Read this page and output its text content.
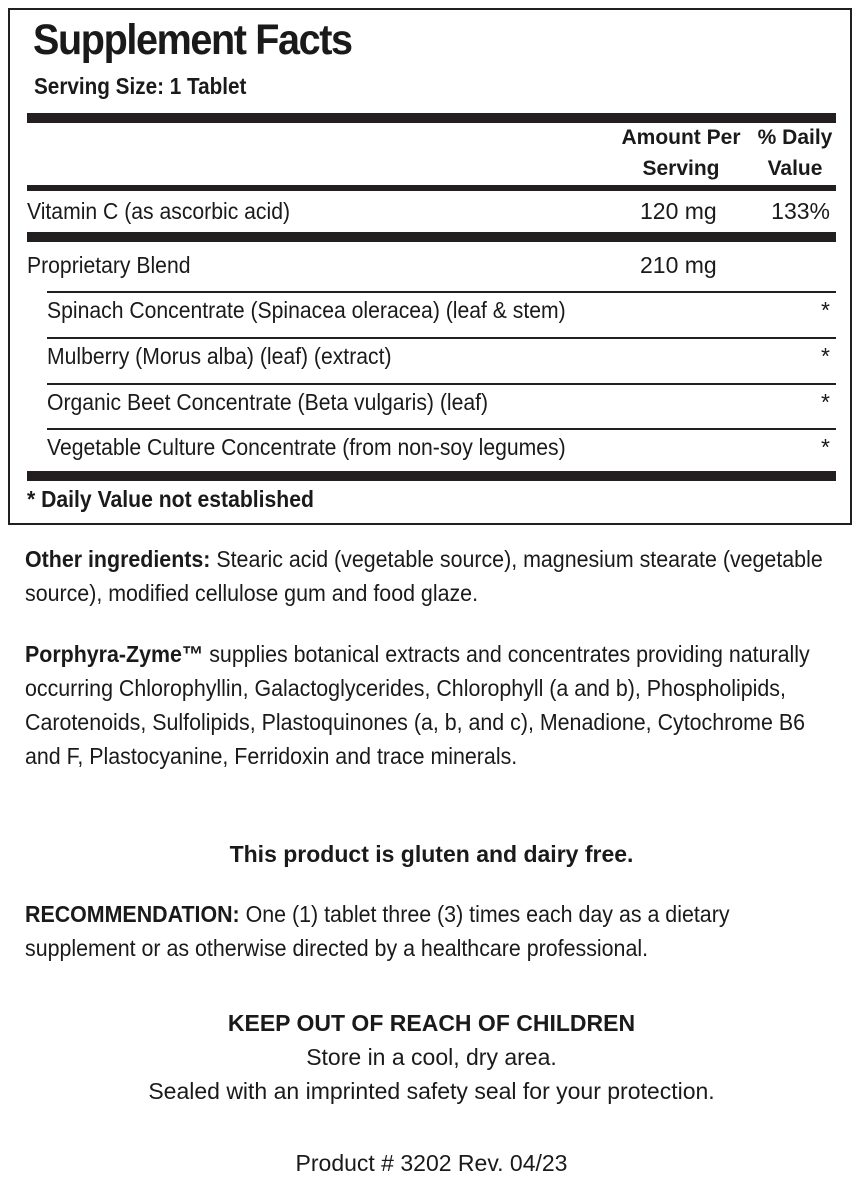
Supplement Facts
Serving Size: 1 Tablet
Amount Per
Serving
% Daily
Value
Vitamin C (as ascorbic acid)	120 mg 133%
Proprietary Blend	210 mg
Spinach Concentrate (Spinacea oleracea) (leaf & stem)	*
Mulberry (Morus alba) (leaf) (extract)	*
Organic Beet Concentrate (Beta vulgaris) (leaf)	*
Vegetable Culture Concentrate (from non-soy legumes)	*
* Daily Value not established
Other ingredients: Stearic acid (vegetable source), magnesium stearate (vegetable source), modified cellulose gum and food glaze.
Porphyra-Zyme™ supplies botanical extracts and concentrates providing naturally occurring Chlorophyllin, Galactoglycerides, Chlorophyll (a and b), Phospholipids, Carotenoids, Sulfolipids, Plastoquinones (a, b, and c), Menadione, Cytochrome B6 and F, Plastocyanine, Ferridoxin and trace minerals.
This product is gluten and dairy free.
RECOMMENDATION: One (1) tablet three (3) times each day as a dietary supplement or as otherwise directed by a healthcare professional.
KEEP OUT OF REACH OF CHILDREN
Store in a cool, dry area.
Sealed with an imprinted safety seal for your protection.
Product # 3202 Rev. 04/23
